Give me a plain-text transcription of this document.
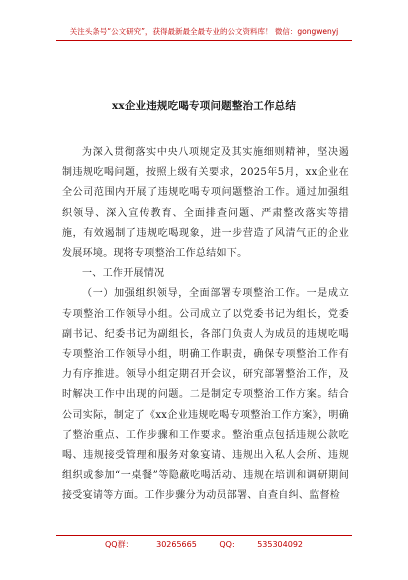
关注头条号“公文研究”，获得最新最全最专业的公文资料库！ 微信：gongwenyj
xx企业违规吃喝专项问题整治工作总结

为深入贯彻落实中央八项规定及其实施细则精神，坚决遏制违规吃喝问题，按照上级有关要求，2025年5月，xx企业在全公司范围内开展了违规吃喝专项问题整治工作。通过加强组织领导、深入宣传教育、全面排查问题、严肃整改落实等措施，有效遏制了违规吃喝现象，进一步营造了风清气正的企业发展环境。现将专项整治工作总结如下。

一、工作开展情况

（一）加强组织领导，全面部署专项整治工作。一是成立专项整治工作领导小组。公司成立了以党委书记为组长，党委副书记、纪委书记为副组长，各部门负责人为成员的违规吃喝专项整治工作领导小组，明确工作职责，确保专项整治工作有力有序推进。领导小组定期召开会议，研究部署整治工作，及时解决工作中出现的问题。二是制定专项整治工作方案。结合公司实际，制定了《xx企业违规吃喝专项整治工作方案》，明确了整治重点、工作步骤和工作要求。整治重点包括违规公款吃喝、违规接受管理和服务对象宴请、违规出入私人会所、违规组织或参加“一桌餐”等隐蔽吃喝活动、违规在培训和调研期间接受宴请等方面。工作步骤分为动员部署、自查自纠、监督检

QQ群： 30265665 QQ: 535304092
